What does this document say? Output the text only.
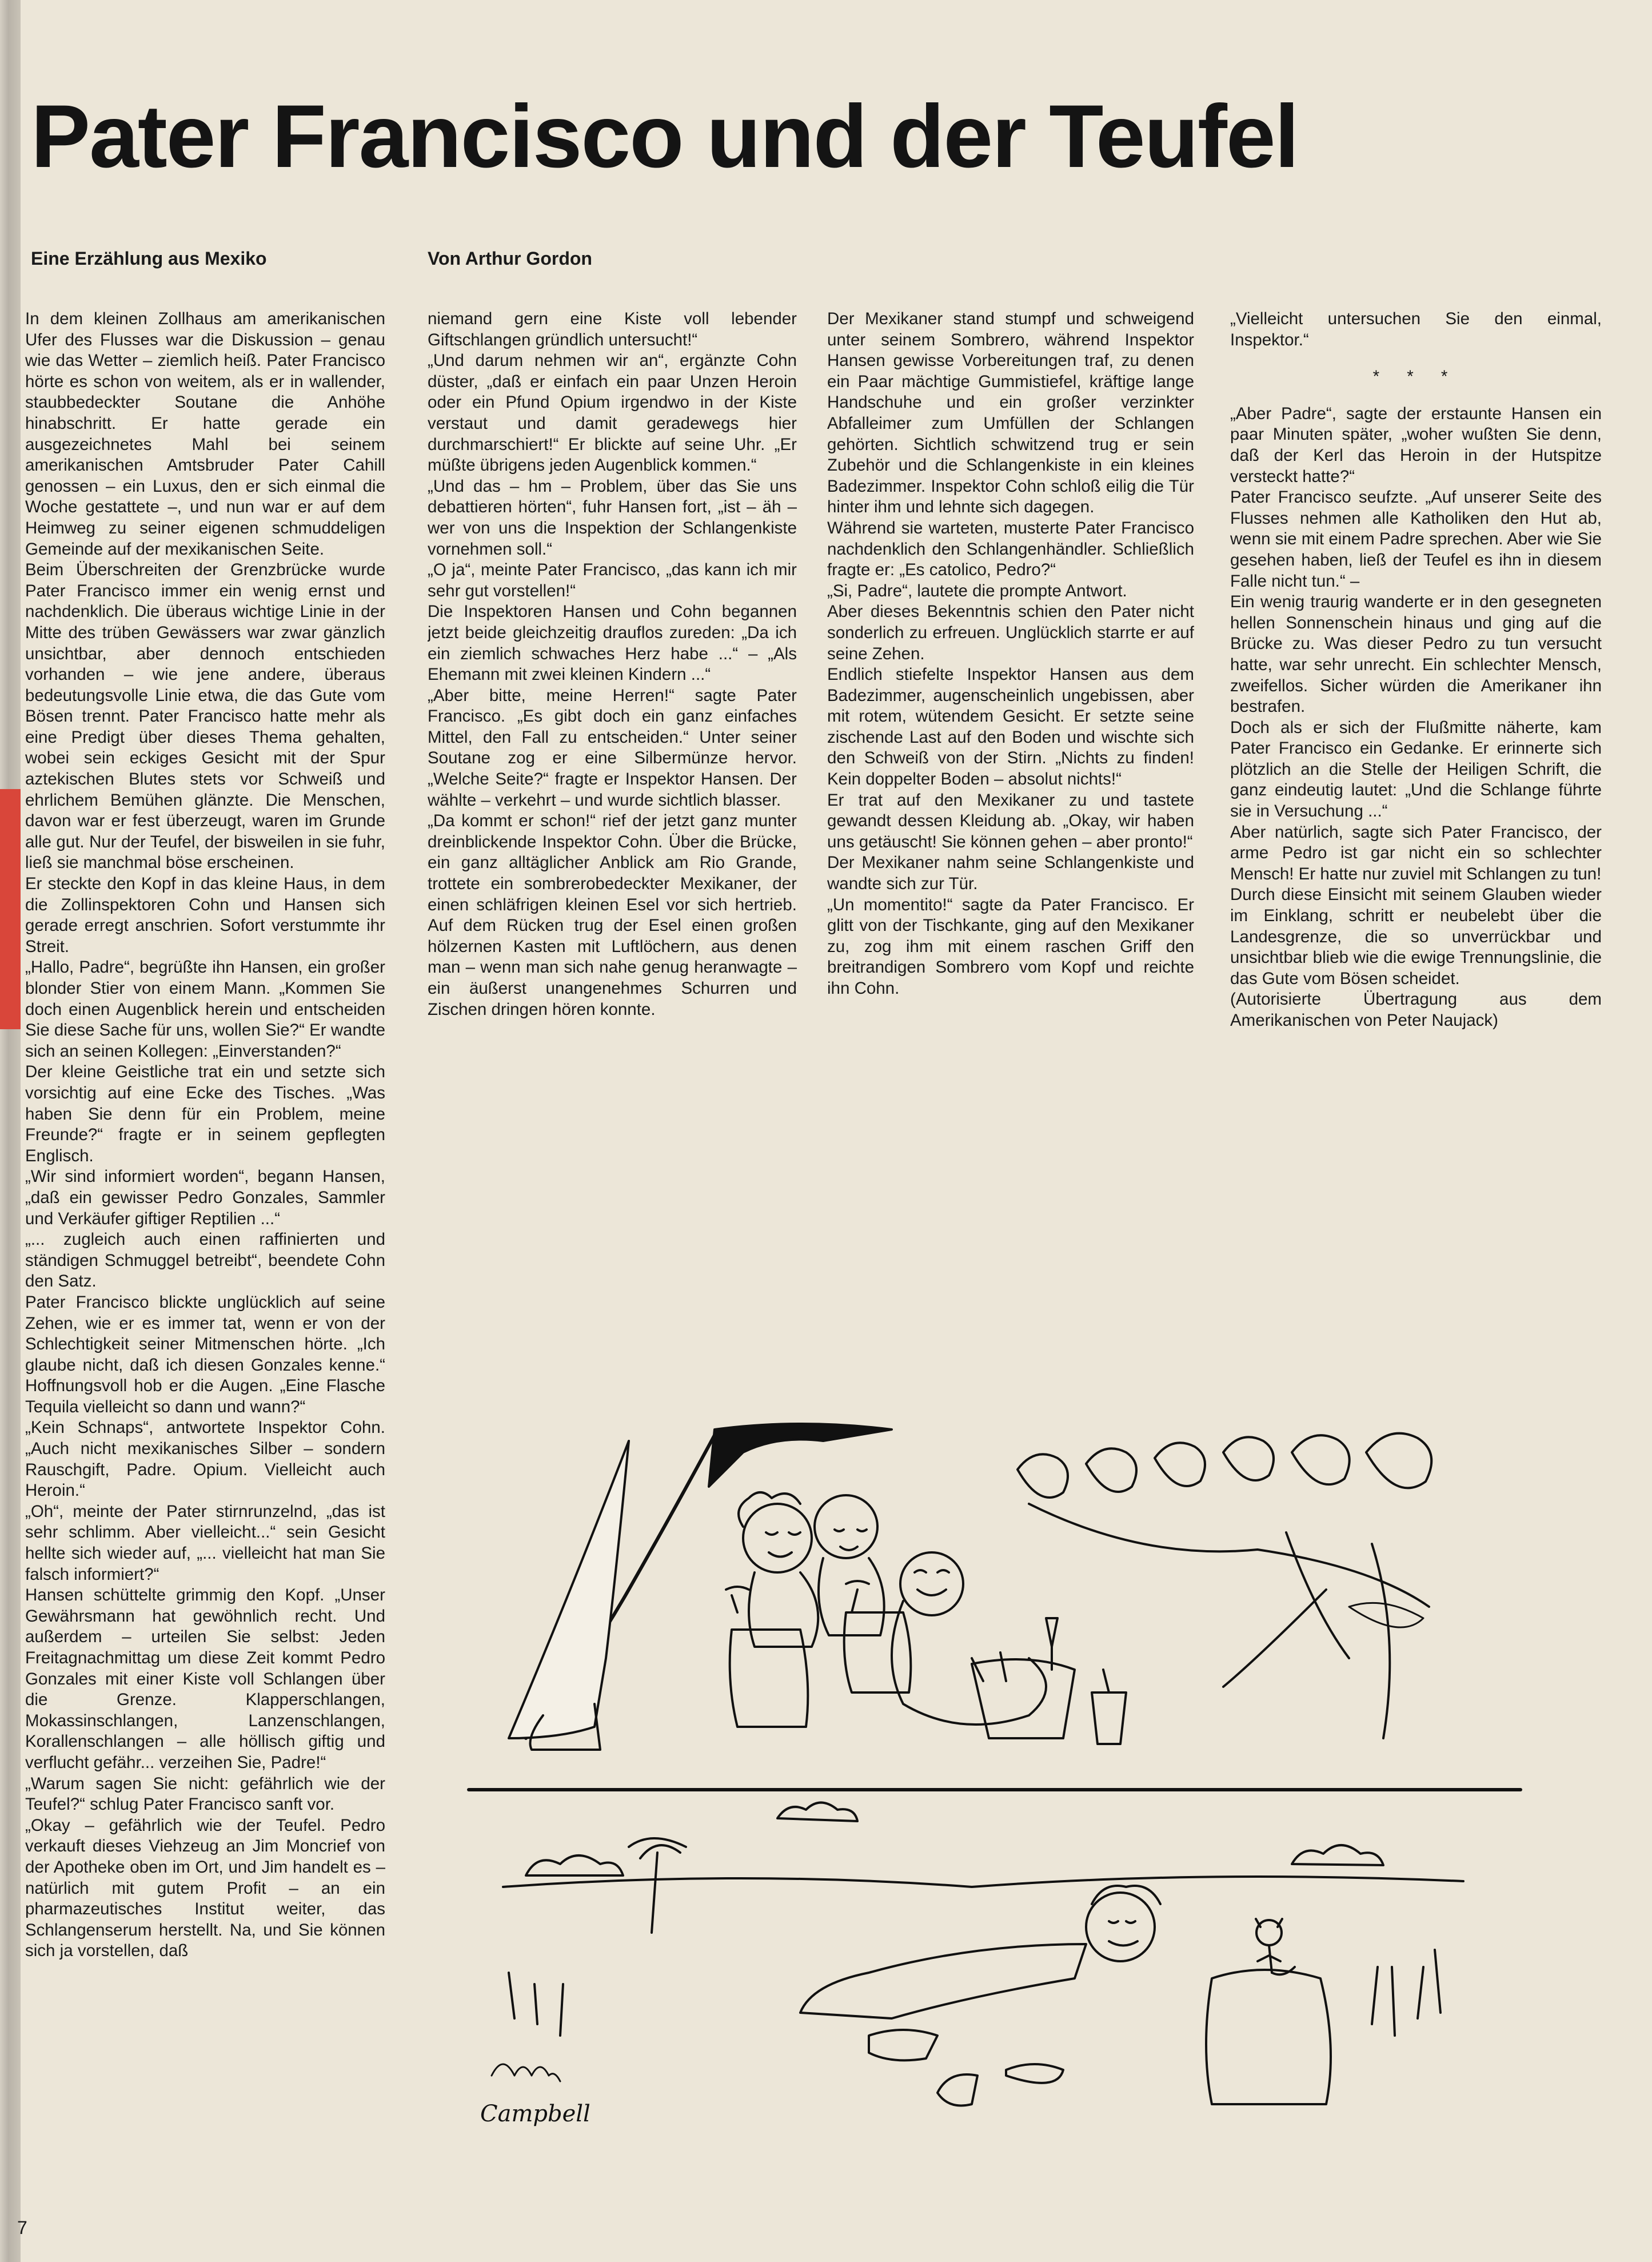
Pater Francisco und der Teufel
Eine Erzählung aus Mexiko	Von Arthur Gordon

In dem kleinen Zollhaus am amerikanischen Ufer des Flusses war die Diskussion – genau wie das Wetter – ziemlich heiß. Pater Francisco hörte es schon von weitem, als er in wallender, staubbedeckter Soutane die Anhöhe hinabschritt. Er hatte gerade ein ausgezeichnetes Mahl bei seinem amerikanischen Amtsbruder Pater Cahill genossen – ein Luxus, den er sich einmal die Woche gestattete –, und nun war er auf dem Heimweg zu seiner eigenen schmuddeligen Gemeinde auf der mexikanischen Seite.

Beim Überschreiten der Grenzbrücke wurde Pater Francisco immer ein wenig ernst und nachdenklich. Die überaus wichtige Linie in der Mitte des trüben Gewässers war zwar gänzlich unsichtbar, aber dennoch entschieden vorhanden – wie jene andere, überaus bedeutungsvolle Linie etwa, die das Gute vom Bösen trennt. Pater Francisco hatte mehr als eine Predigt über dieses Thema gehalten, wobei sein eckiges Gesicht mit der Spur aztekischen Blutes stets vor Schweiß und ehrlichem Bemühen glänzte. Die Menschen, davon war er fest überzeugt, waren im Grunde alle gut. Nur der Teufel, der bisweilen in sie fuhr, ließ sie manchmal böse erscheinen.

Er steckte den Kopf in das kleine Haus, in dem die Zollinspektoren Cohn und Hansen sich gerade erregt anschrien. Sofort verstummte ihr Streit.

„Hallo, Padre“, begrüßte ihn Hansen, ein großer blonder Stier von einem Mann. „Kommen Sie doch einen Augenblick herein und entscheiden Sie diese Sache für uns, wollen Sie?“ Er wandte sich an seinen Kollegen: „Einverstanden?“

Der kleine Geistliche trat ein und setzte sich vorsichtig auf eine Ecke des Tisches. „Was haben Sie denn für ein Problem, meine Freunde?“ fragte er in seinem gepflegten Englisch.

„Wir sind informiert worden“, begann Hansen, „daß ein gewisser Pedro Gonzales, Sammler und Verkäufer giftiger Reptilien ...“

„... zugleich auch einen raffinierten und ständigen Schmuggel betreibt“, beendete Cohn den Satz.

Pater Francisco blickte unglücklich auf seine Zehen, wie er es immer tat, wenn er von der Schlechtigkeit seiner Mitmenschen hörte. „Ich glaube nicht, daß ich diesen Gonzales kenne.“ Hoffnungsvoll hob er die Augen. „Eine Flasche Tequila vielleicht so dann und wann?“

„Kein Schnaps“, antwortete Inspektor Cohn. „Auch nicht mexikanisches Silber – sondern Rauschgift, Padre. Opium. Vielleicht auch Heroin.“

„Oh“, meinte der Pater stirnrunzelnd, „das ist sehr schlimm. Aber vielleicht...“ sein Gesicht hellte sich wieder auf, „... vielleicht hat man Sie falsch informiert?“

Hansen schüttelte grimmig den Kopf. „Unser Gewährsmann hat gewöhnlich recht. Und außerdem – urteilen Sie selbst: Jeden Freitagnachmittag um diese Zeit kommt Pedro Gonzales mit einer Kiste voll Schlangen über die Grenze. Klapperschlangen, Mokassinschlangen, Lanzenschlangen, Korallenschlangen – alle höllisch giftig und verflucht gefähr... verzeihen Sie, Padre!“

„Warum sagen Sie nicht: gefährlich wie der Teufel?“ schlug Pater Francisco sanft vor.

„Okay – gefährlich wie der Teufel. Pedro verkauft dieses Viehzeug an Jim Moncrief von der Apotheke oben im Ort, und Jim handelt es – natürlich mit gutem Profit – an ein pharmazeutisches Institut weiter, das Schlangenserum herstellt. Na, und Sie können sich ja vorstellen, daß

niemand gern eine Kiste voll lebender Giftschlangen gründlich untersucht!“

„Und darum nehmen wir an“, ergänzte Cohn düster, „daß er einfach ein paar Unzen Heroin oder ein Pfund Opium irgendwo in der Kiste verstaut und damit geradewegs hier durchmarschiert!“ Er blickte auf seine Uhr. „Er müßte übrigens jeden Augenblick kommen.“

„Und das – hm – Problem, über das Sie uns debattieren hörten“, fuhr Hansen fort, „ist – äh – wer von uns die Inspektion der Schlangenkiste vornehmen soll.“

„O ja“, meinte Pater Francisco, „das kann ich mir sehr gut vorstellen!“

Die Inspektoren Hansen und Cohn begannen jetzt beide gleichzeitig drauflos zureden: „Da ich ein ziemlich schwaches Herz habe ...“ – „Als Ehemann mit zwei kleinen Kindern ...“

„Aber bitte, meine Herren!“ sagte Pater Francisco. „Es gibt doch ein ganz einfaches Mittel, den Fall zu entscheiden.“ Unter seiner Soutane zog er eine Silbermünze hervor. „Welche Seite?“ fragte er Inspektor Hansen. Der wählte – verkehrt – und wurde sichtlich blasser.

„Da kommt er schon!“ rief der jetzt ganz munter dreinblickende Inspektor Cohn. Über die Brücke, ein ganz alltäglicher Anblick am Rio Grande, trottete ein sombrerobedeckter Mexikaner, der einen schläfrigen kleinen Esel vor sich hertrieb. Auf dem Rücken trug der Esel einen großen hölzernen Kasten mit Luftlöchern, aus denen man – wenn man sich nahe genug heranwagte – ein äußerst unangenehmes Schurren und Zischen dringen hören konnte.

Der Mexikaner stand stumpf und schweigend unter seinem Sombrero, während Inspektor Hansen gewisse Vorbereitungen traf, zu denen ein Paar mächtige Gummistiefel, kräftige lange Handschuhe und ein großer verzinkter Abfalleimer zum Umfüllen der Schlangen gehörten. Sichtlich schwitzend trug er sein Zubehör und die Schlangenkiste in ein kleines Badezimmer. Inspektor Cohn schloß eilig die Tür hinter ihm und lehnte sich dagegen.

Während sie warteten, musterte Pater Francisco nachdenklich den Schlangenhändler. Schließlich fragte er: „Es catolico, Pedro?“

„Si, Padre“, lautete die prompte Antwort.

Aber dieses Bekenntnis schien den Pater nicht sonderlich zu erfreuen. Unglücklich starrte er auf seine Zehen.

Endlich stiefelte Inspektor Hansen aus dem Badezimmer, augenscheinlich ungebissen, aber mit rotem, wütendem Gesicht. Er setzte seine zischende Last auf den Boden und wischte sich den Schweiß von der Stirn. „Nichts zu finden! Kein doppelter Boden – absolut nichts!“

Er trat auf den Mexikaner zu und tastete gewandt dessen Kleidung ab. „Okay, wir haben uns getäuscht! Sie können gehen – aber pronto!“

Der Mexikaner nahm seine Schlangenkiste und wandte sich zur Tür.

„Un momentito!“ sagte da Pater Francisco. Er glitt von der Tischkante, ging auf den Mexikaner zu, zog ihm mit einem raschen Griff den breitrandigen Sombrero vom Kopf und reichte ihn Cohn.

„Vielleicht untersuchen Sie den einmal, Inspektor.“

* * *

„Aber Padre“, sagte der erstaunte Hansen ein paar Minuten später, „woher wußten Sie denn, daß der Kerl das Heroin in der Hutspitze versteckt hatte?“

Pater Francisco seufzte. „Auf unserer Seite des Flusses nehmen alle Katholiken den Hut ab, wenn sie mit einem Padre sprechen. Aber wie Sie gesehen haben, ließ der Teufel es ihn in diesem Falle nicht tun.“ –

Ein wenig traurig wanderte er in den gesegneten hellen Sonnenschein hinaus und ging auf die Brücke zu. Was dieser Pedro zu tun versucht hatte, war sehr unrecht. Ein schlechter Mensch, zweifellos. Sicher würden die Amerikaner ihn bestrafen.

Doch als er sich der Flußmitte näherte, kam Pater Francisco ein Gedanke. Er erinnerte sich plötzlich an die Stelle der Heiligen Schrift, die ganz eindeutig lautet: „Und die Schlange führte sie in Versuchung ...“

Aber natürlich, sagte sich Pater Francisco, der arme Pedro ist gar nicht ein so schlechter Mensch! Er hatte nur zuviel mit Schlangen zu tun!

Durch diese Einsicht mit seinem Glauben wieder im Einklang, schritt er neubelebt über die Landesgrenze, die so unverrückbar und unsichtbar blieb wie die ewige Trennungslinie, die das Gute vom Bösen scheidet.

(Autorisierte Übertragung aus dem Amerikanischen von Peter Naujack)

Campbell
7
